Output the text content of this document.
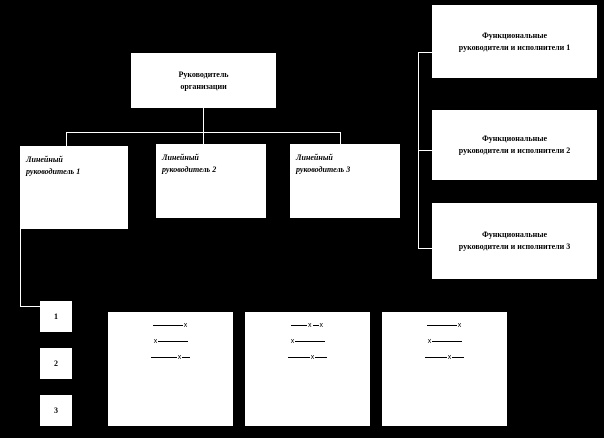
Руководитель
организации
Линейный
руководитель 1
Линейный
руководитель 2
Линейный
руководитель 3
Функциональные
руководители и исполнители 1
Функциональные
руководители и исполнители 2
Функциональные
руководители и исполнители 3
1
2
3
x
x
x
x x
x
x
x
x
x
